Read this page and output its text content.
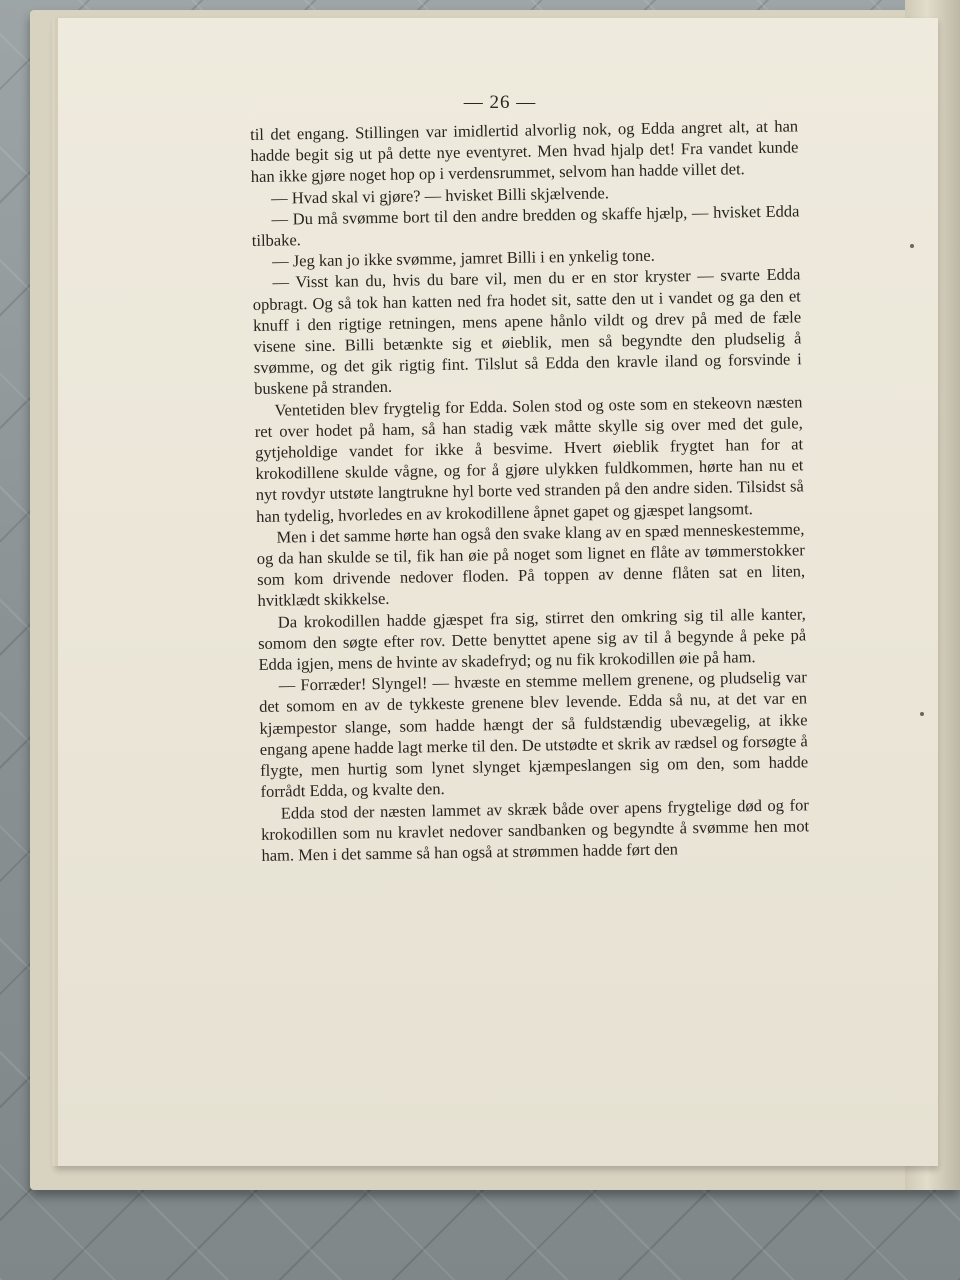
— 26 —

til det engang. Stillingen var imidlertid alvorlig nok, og Edda angret alt, at han hadde begit sig ut på dette nye eventyret. Men hvad hjalp det! Fra vandet kunde han ikke gjøre noget hop op i verdensrummet, selvom han hadde villet det.

— Hvad skal vi gjøre? — hvisket Billi skjælvende.

— Du må svømme bort til den andre bredden og skaffe hjælp, — hvisket Edda tilbake.

— Jeg kan jo ikke svømme, jamret Billi i en ynkelig tone.

— Visst kan du, hvis du bare vil, men du er en stor kryster — svarte Edda opbragt. Og så tok han katten ned fra hodet sit, satte den ut i vandet og ga den et knuff i den rigtige retningen, mens apene hånlo vildt og drev på med de fæle visene sine. Billi betænkte sig et øieblik, men så begyndte den pludselig å svømme, og det gik rigtig fint. Tilslut så Edda den kravle iland og forsvinde i buskene på stranden.

Ventetiden blev frygtelig for Edda. Solen stod og oste som en stekeovn næsten ret over hodet på ham, så han stadig væk måtte skylle sig over med det gule, gytjeholdige vandet for ikke å besvime. Hvert øieblik frygtet han for at krokodillene skulde vågne, og for å gjøre ulykken fuldkommen, hørte han nu et nyt rovdyr utstøte langtrukne hyl borte ved stranden på den andre siden. Tilsidst så han tydelig, hvorledes en av krokodillene åpnet gapet og gjæspet langsomt.

Men i det samme hørte han også den svake klang av en spæd menneskestemme, og da han skulde se til, fik han øie på noget som lignet en flåte av tømmerstokker som kom drivende nedover floden. På toppen av denne flåten sat en liten, hvitklædt skikkelse.

Da krokodillen hadde gjæspet fra sig, stirret den omkring sig til alle kanter, somom den søgte efter rov. Dette benyttet apene sig av til å begynde å peke på Edda igjen, mens de hvinte av skadefryd; og nu fik krokodillen øie på ham.

— Forræder! Slyngel! — hvæste en stemme mellem grenene, og pludselig var det somom en av de tykkeste grenene blev levende. Edda så nu, at det var en kjæmpestor slange, som hadde hængt der så fuldstændig ubevægelig, at ikke engang apene hadde lagt merke til den. De utstødte et skrik av rædsel og forsøgte å flygte, men hurtig som lynet slynget kjæmpeslangen sig om den, som hadde forrådt Edda, og kvalte den.

Edda stod der næsten lammet av skræk både over apens frygtelige død og for krokodillen som nu kravlet nedover sandbanken og begyndte å svømme hen mot ham. Men i det samme så han også at strømmen hadde ført den
